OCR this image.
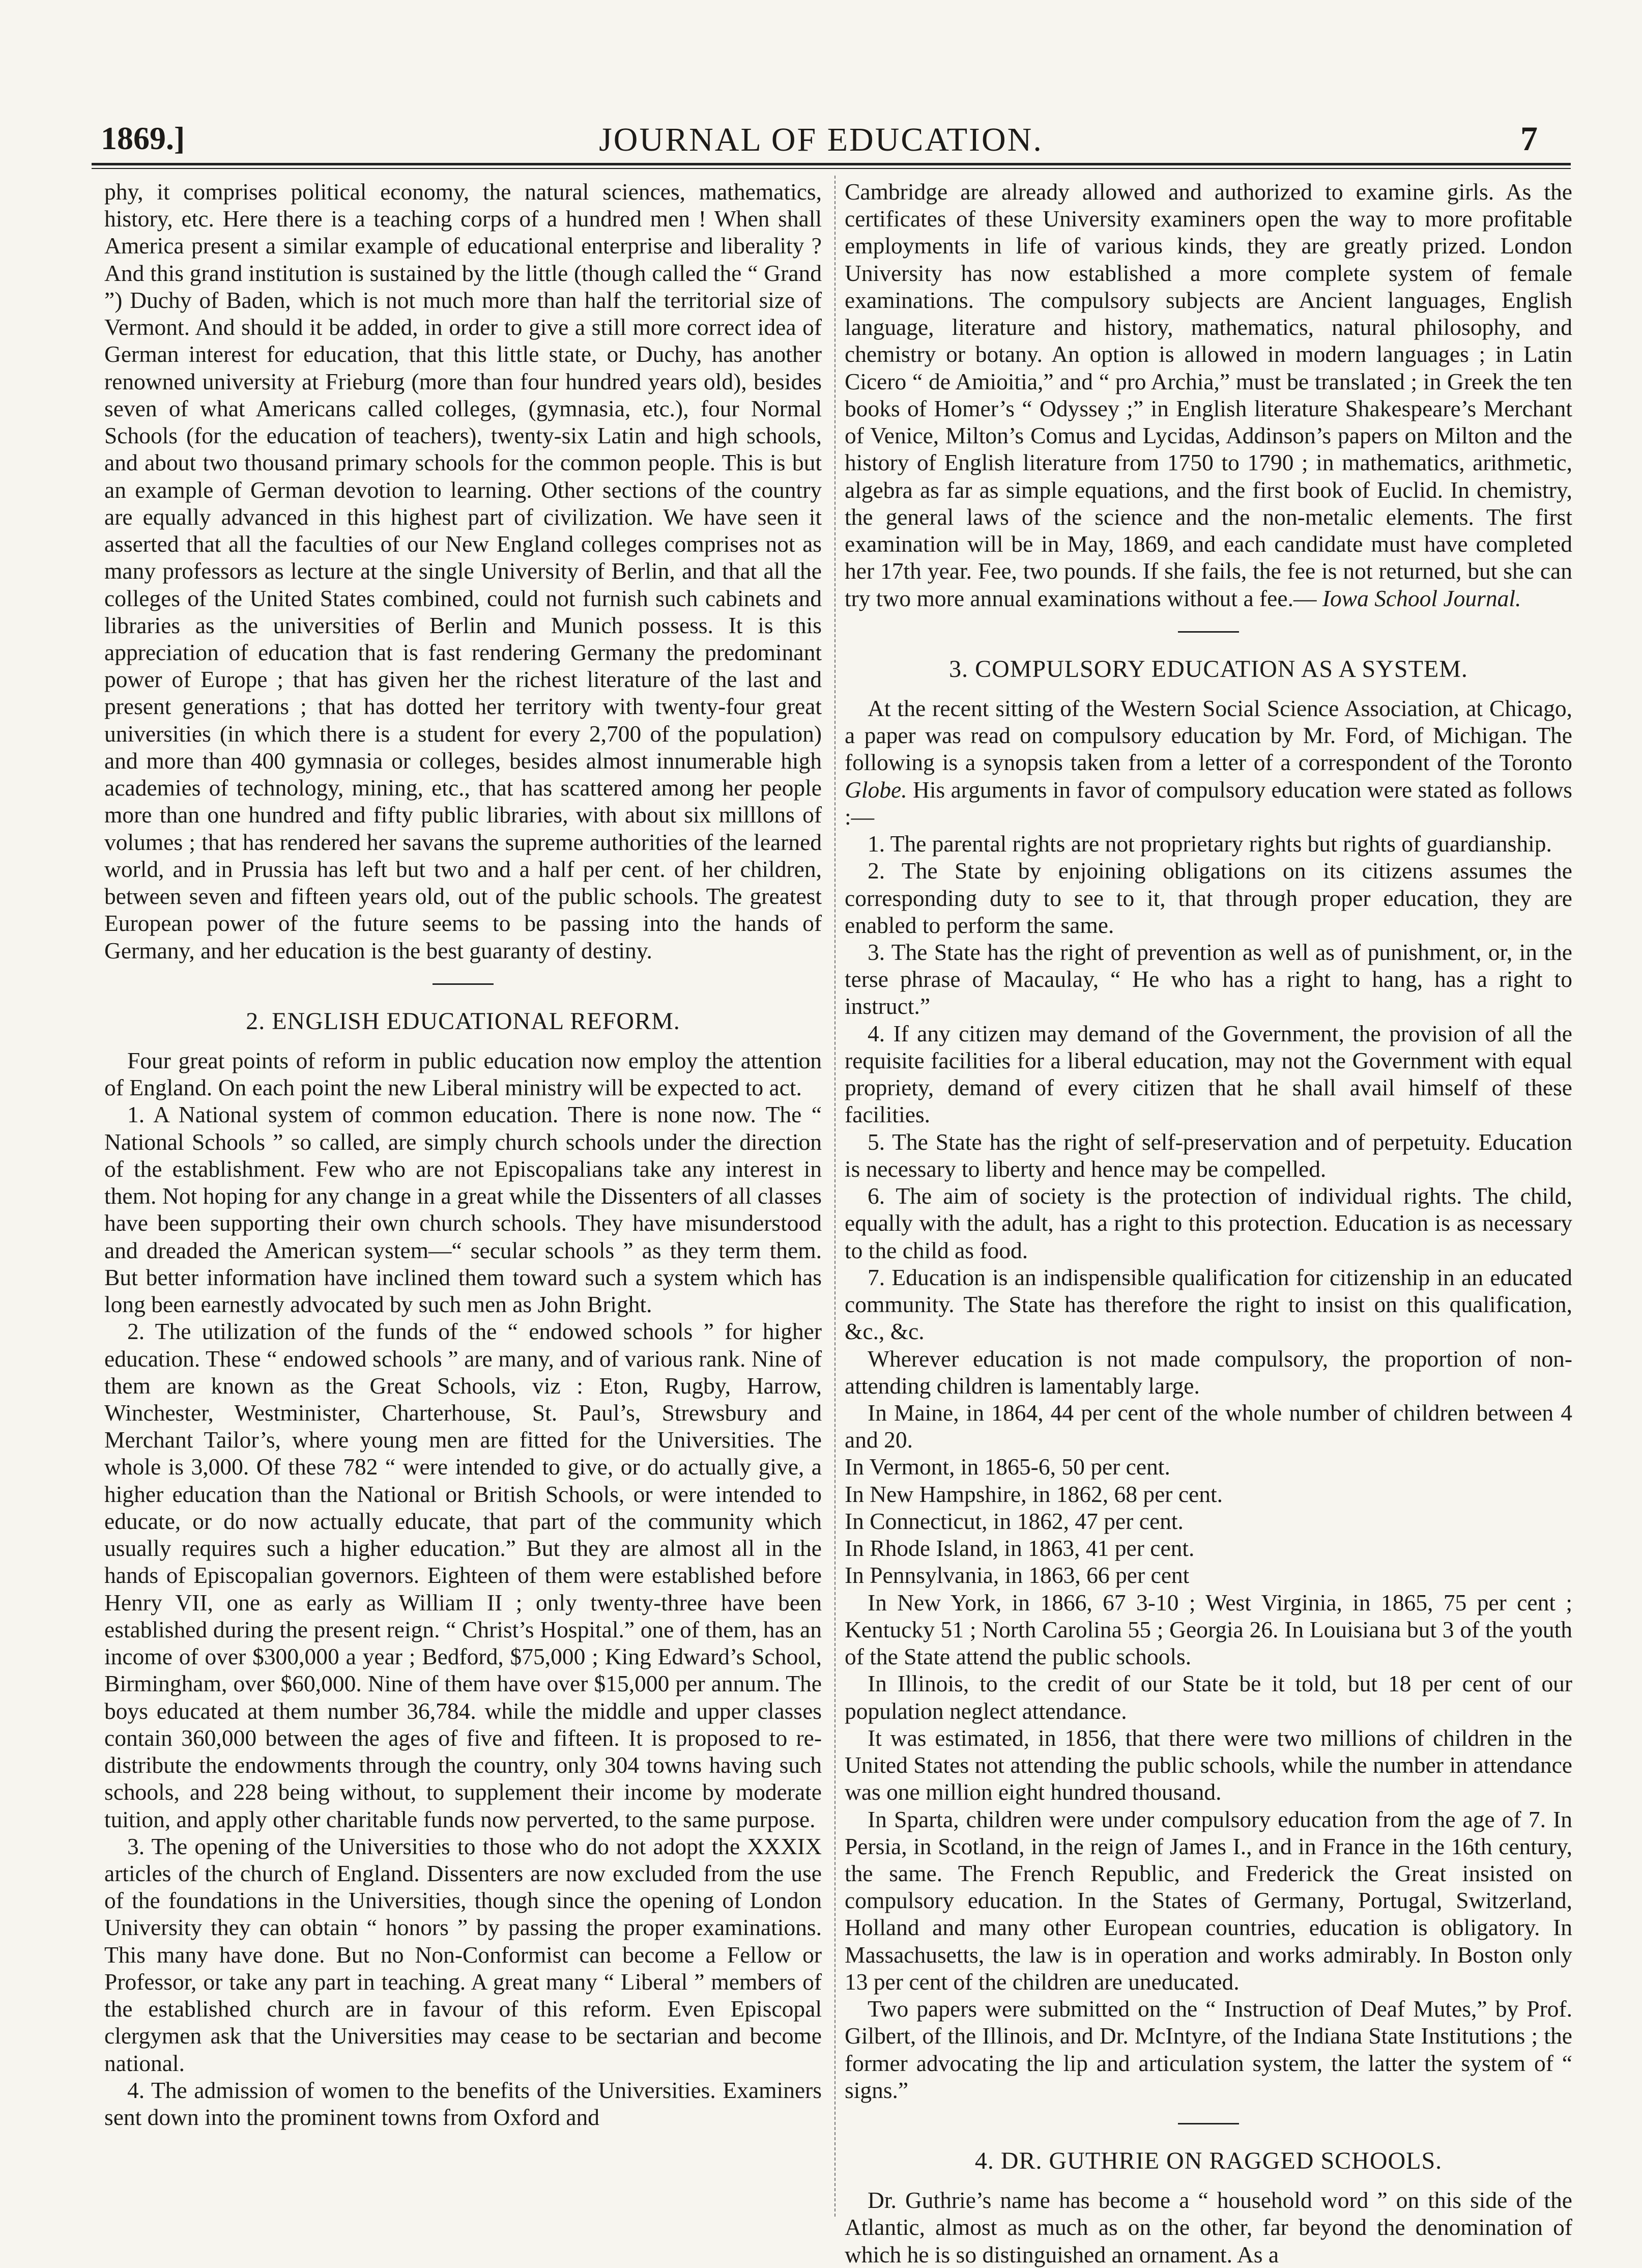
1869.]	JOURNAL OF EDUCATION.	7

phy, it comprises political economy, the natural sciences, mathematics, history, etc. Here there is a teaching corps of a hundred men ! When shall America present a similar example of educational enterprise and liberality ? And this grand institution is sustained by the little (though called the “ Grand ”) Duchy of Baden, which is not much more than half the territorial size of Vermont. And should it be added, in order to give a still more correct idea of German interest for education, that this little state, or Duchy, has another renowned university at Frieburg (more than four hundred years old), besides seven of what Americans called colleges, (gymnasia, etc.), four Normal Schools (for the education of teachers), twenty-six Latin and high schools, and about two thousand primary schools for the common people. This is but an example of German devotion to learning. Other sections of the country are equally advanced in this highest part of civilization. We have seen it asserted that all the faculties of our New England colleges comprises not as many professors as lecture at the single University of Berlin, and that all the colleges of the United States combined, could not furnish such cabinets and libraries as the universities of Berlin and Munich possess. It is this appreciation of education that is fast rendering Germany the predominant power of Europe ; that has given her the richest literature of the last and present generations ; that has dotted her territory with twenty-four great universities (in which there is a student for every 2,700 of the population) and more than 400 gymnasia or colleges, besides almost innumerable high academies of technology, mining, etc., that has scattered among her people more than one hundred and fifty public libraries, with about six milllons of volumes ; that has rendered her savans the supreme authorities of the learned world, and in Prussia has left but two and a half per cent. of her children, between seven and fifteen years old, out of the public schools. The greatest European power of the future seems to be passing into the hands of Germany, and her education is the best guaranty of destiny.

2. ENGLISH EDUCATIONAL REFORM.

Four great points of reform in public education now employ the attention of England. On each point the new Liberal ministry will be expected to act.

1. A National system of common education. There is none now. The “ National Schools ” so called, are simply church schools under the direction of the establishment. Few who are not Episcopalians take any interest in them. Not hoping for any change in a great while the Dissenters of all classes have been supporting their own church schools. They have misunderstood and dreaded the American system—“ secular schools ” as they term them. But better information have inclined them toward such a system which has long been earnestly advocated by such men as John Bright.

2. The utilization of the funds of the “ endowed schools ” for higher education. These “ endowed schools ” are many, and of various rank. Nine of them are known as the Great Schools, viz : Eton, Rugby, Harrow, Winchester, Westminister, Charterhouse, St. Paul’s, Strewsbury and Merchant Tailor’s, where young men are fitted for the Universities. The whole is 3,000. Of these 782 “ were intended to give, or do actually give, a higher education than the National or British Schools, or were intended to educate, or do now actually educate, that part of the community which usually requires such a higher education.” But they are almost all in the hands of Episcopalian governors. Eighteen of them were established before Henry VII, one as early as William II ; only twenty-three have been established during the present reign. “ Christ’s Hospital.” one of them, has an income of over $300,000 a year ; Bedford, $75,000 ; King Edward’s School, Birmingham, over $60,000. Nine of them have over $15,000 per annum. The boys educated at them number 36,784. while the middle and upper classes contain 360,000 between the ages of five and fifteen. It is proposed to re-distribute the endowments through the country, only 304 towns having such schools, and 228 being without, to supplement their income by moderate tuition, and apply other charitable funds now perverted, to the same purpose.

3. The opening of the Universities to those who do not adopt the XXXIX articles of the church of England. Dissenters are now excluded from the use of the foundations in the Universities, though since the opening of London University they can obtain “ honors ” by passing the proper examinations. This many have done. But no Non-Conformist can become a Fellow or Professor, or take any part in teaching. A great many “ Liberal ” members of the established church are in favour of this reform. Even Episcopal clergymen ask that the Universities may cease to be sectarian and become national.

4. The admission of women to the benefits of the Universities. Examiners sent down into the prominent towns from Oxford and

Cambridge are already allowed and authorized to examine girls. As the certificates of these University examiners open the way to more profitable employments in life of various kinds, they are greatly prized. London University has now established a more complete system of female examinations. The compulsory subjects are Ancient languages, English language, literature and history, mathematics, natural philosophy, and chemistry or botany. An option is allowed in modern languages ; in Latin Cicero “ de Amioitia,” and “ pro Archia,” must be translated ; in Greek the ten books of Homer’s “ Odyssey ;” in English literature Shakespeare’s Merchant of Venice, Milton’s Comus and Lycidas, Addinson’s papers on Milton and the history of English literature from 1750 to 1790 ; in mathematics, arithmetic, algebra as far as simple equations, and the first book of Euclid. In chemistry, the general laws of the science and the non-metalic elements. The first examination will be in May, 1869, and each candidate must have completed her 17th year. Fee, two pounds. If she fails, the fee is not returned, but she can try two more annual examinations without a fee.— Iowa School Journal.

3. COMPULSORY EDUCATION AS A SYSTEM.

At the recent sitting of the Western Social Science Association, at Chicago, a paper was read on compulsory education by Mr. Ford, of Michigan. The following is a synopsis taken from a letter of a correspondent of the Toronto Globe. His arguments in favor of compulsory education were stated as follows :—

1. The parental rights are not proprietary rights but rights of guardianship.

2. The State by enjoining obligations on its citizens assumes the corresponding duty to see to it, that through proper education, they are enabled to perform the same.

3. The State has the right of prevention as well as of punishment, or, in the terse phrase of Macaulay, “ He who has a right to hang, has a right to instruct.”

4. If any citizen may demand of the Government, the provision of all the requisite facilities for a liberal education, may not the Government with equal propriety, demand of every citizen that he shall avail himself of these facilities.

5. The State has the right of self-preservation and of perpetuity. Education is necessary to liberty and hence may be compelled.

6. The aim of society is the protection of individual rights. The child, equally with the adult, has a right to this protection. Education is as necessary to the child as food.

7. Education is an indispensible qualification for citizenship in an educated community. The State has therefore the right to insist on this qualification, &c., &c.

Wherever education is not made compulsory, the proportion of non-attending children is lamentably large.

In Maine, in 1864, 44 per cent of the whole number of children between 4 and 20.

In Vermont, in 1865-6, 50 per cent.

In New Hampshire, in 1862, 68 per cent.

In Connecticut, in 1862, 47 per cent.

In Rhode Island, in 1863, 41 per cent.

In Pennsylvania, in 1863, 66 per cent

In New York, in 1866, 67 3-10 ; West Virginia, in 1865, 75 per cent ; Kentucky 51 ; North Carolina 55 ; Georgia 26. In Louisiana but 3 of the youth of the State attend the public schools.

In Illinois, to the credit of our State be it told, but 18 per cent of our population neglect attendance.

It was estimated, in 1856, that there were two millions of children in the United States not attending the public schools, while the number in attendance was one million eight hundred thousand.

In Sparta, children were under compulsory education from the age of 7. In Persia, in Scotland, in the reign of James I., and in France in the 16th century, the same. The French Republic, and Frederick the Great insisted on compulsory education. In the States of Germany, Portugal, Switzerland, Holland and many other European countries, education is obligatory. In Massachusetts, the law is in operation and works admirably. In Boston only 13 per cent of the children are uneducated.

Two papers were submitted on the “ Instruction of Deaf Mutes,” by Prof. Gilbert, of the Illinois, and Dr. McIntyre, of the Indiana State Institutions ; the former advocating the lip and articulation system, the latter the system of “ signs.”

4. DR. GUTHRIE ON RAGGED SCHOOLS.

Dr. Guthrie’s name has become a “ household word ” on this side of the Atlantic, almost as much as on the other, far beyond the denomination of which he is so distinguished an ornament. As a
